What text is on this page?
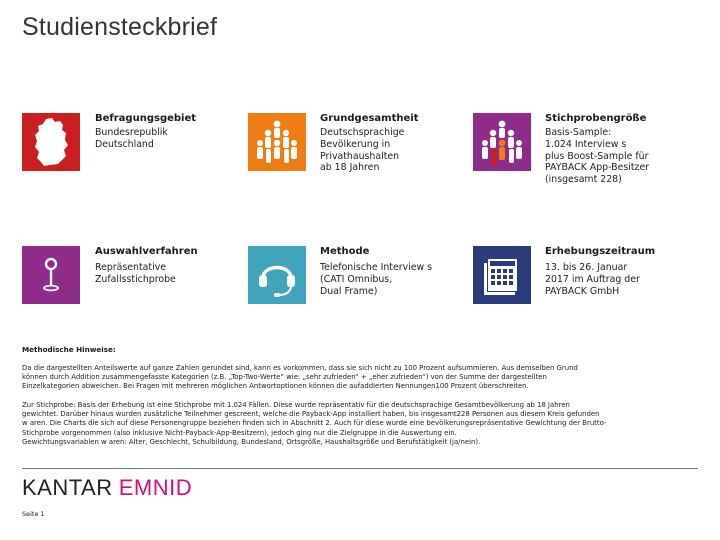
Studiensteckbrief
Befragungsgebiet
Bundesrepublik
Deutschland
Grundgesamtheit
Deutschsprachige
Bevölkerung in
Privathaushalten
ab 18 Jahren
Stichprobengröße
Basis-Sample:
1.024 Interview s
plus Boost-Sample für
PAYBACK App-Besitzer
(insgesamt 228)
Auswahlverfahren
Repräsentative
Zufallsstichprobe
Methode
Telefonische Interview s
(CATI Omnibus,
Dual Frame)
Erhebungszeitraum
13. bis 26. Januar
2017 im Auftrag der
PAYBACK GmbH
Methodische Hinweise:
Da die dargestellten Anteilswerte auf ganze Zahlen gerundet sind, kann es vorkommen, dass sie sich nicht zu 100 Prozent aufsummieren. Aus demselben Grund
können durch Addition zusammengefasste Kategorien (z.B. „Top-Two-Werte“ wie: „sehr zufrieden“ + „eher zufrieden“) von der Summe der dargestellten
Einzelkategorien abweichen. Bei Fragen mit mehreren möglichen Antwortoptionen können die aufaddierten Nennungen100 Prozent überschreiten.
Zur Stichprobe: Basis der Erhebung ist eine Stichprobe mit 1.024 Fällen. Diese wurde repräsentativ für die deutschsprachige Gesamtbevölkerung ab 18 Jahren
gewichtet. Darüber hinaus wurden zusätzliche Teilnehmer gescreent, welche die Payback-App installiert haben, bis insgesamt228 Personen aus diesem Kreis gefunden
w aren. Die Charts die sich auf diese Personengruppe beziehen finden sich in Abschnitt 2. Auch für diese wurde eine bevölkerungsrepräsentative Gewichtung der Brutto-
Stichprobe vorgenommen (also inklusive Nicht-Payback-App-Besitzern), jedoch ging nur die Zielgruppe in die Auswertung ein.
Gewichtungsvariablen w aren: Alter, Geschlecht, Schulbildung, Bundesland, Ortsgröße, Haushaltsgröße und Berufstätigkeit (ja/nein).
KANTAR EMNID
Seite 1
